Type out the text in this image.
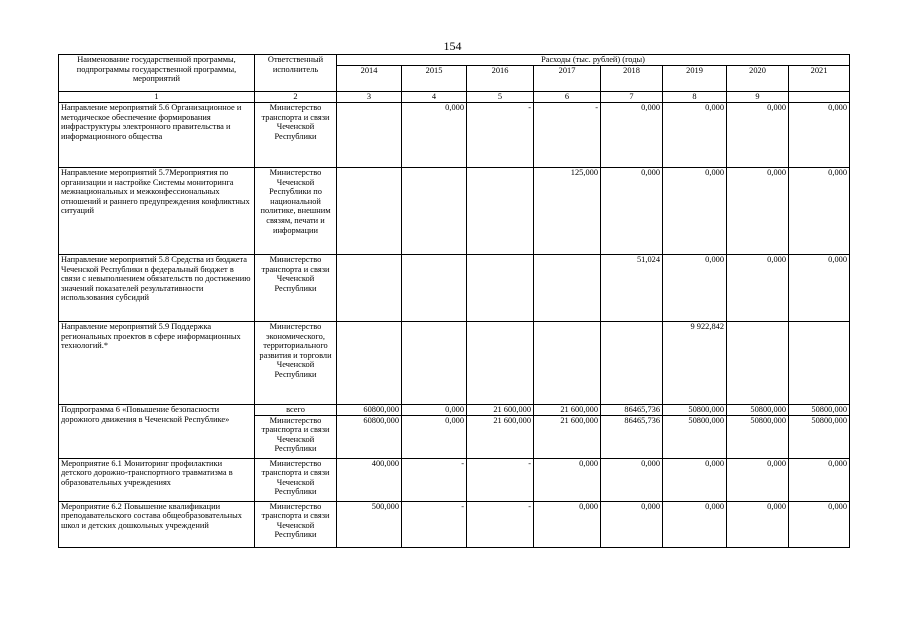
154
Наименование государственной программы, подпрограммы государственной программы, мероприятий	Ответственный исполнитель	Расходы (тыс. рублей) (годы)								
		2014	2015	2016	2017	2018	2019	2020	2021	
1	2	3	4	5	6	7	8	9		
Направление мероприятий 5.6 Организационное и методическое обеспечение формирования инфраструктуры электронного правительства и информационного общества	Министерство транспорта и связи Чеченской Республики		0,000	-	-	0,000	0,000	0,000	0,000	
Направление мероприятий 5.7Мероприятия по организации и настройке Системы мониторинга межнациональных и межконфессиональных отношений и раннего предупреждения конфликтных ситуаций	Министерство Чеченской Республики по национальной политике, внешним связям, печати и информации				125,000	0,000	0,000	0,000	0,000	
Направление мероприятий 5.8 Средства из бюджета Чеченской Республики в федеральный бюджет в связи с невыполнением обязательств по достижению значений показателей результативности использования субсидий	Министерство транспорта и связи Чеченской Республики					51,024	0,000	0,000	0,000	
Направление мероприятий 5.9 Поддержка региональных проектов в сфере информационных технологий.*	Министерство экономического, территориального развития и торговли Чеченской Республики						9 922,842			
Подпрограмма 6 «Повышение безопасности дорожного движения в Чеченской Республике»	всего	60800,000	0,000	21 600,000	21 600,000	86465,736	50800,000	50800,000	50800,000	
	Министерство транспорта и связи Чеченской Республики	60800,000	0,000	21 600,000	21 600,000	86465,736	50800,000	50800,000	50800,000	
Мероприятие 6.1 Мониторинг профилактики детского дорожно-транспортного травматизма в образовательных учреждениях	Министерство транспорта и связи Чеченской Республики	400,000	-	-	0,000	0,000	0,000	0,000	0,000	
Мероприятие 6.2 Повышение квалификации преподавательского состава общеобразовательных школ и детских дошкольных учреждений	Министерство транспорта и связи Чеченской Республики	500,000	-	-	0,000	0,000	0,000	0,000	0,000	
